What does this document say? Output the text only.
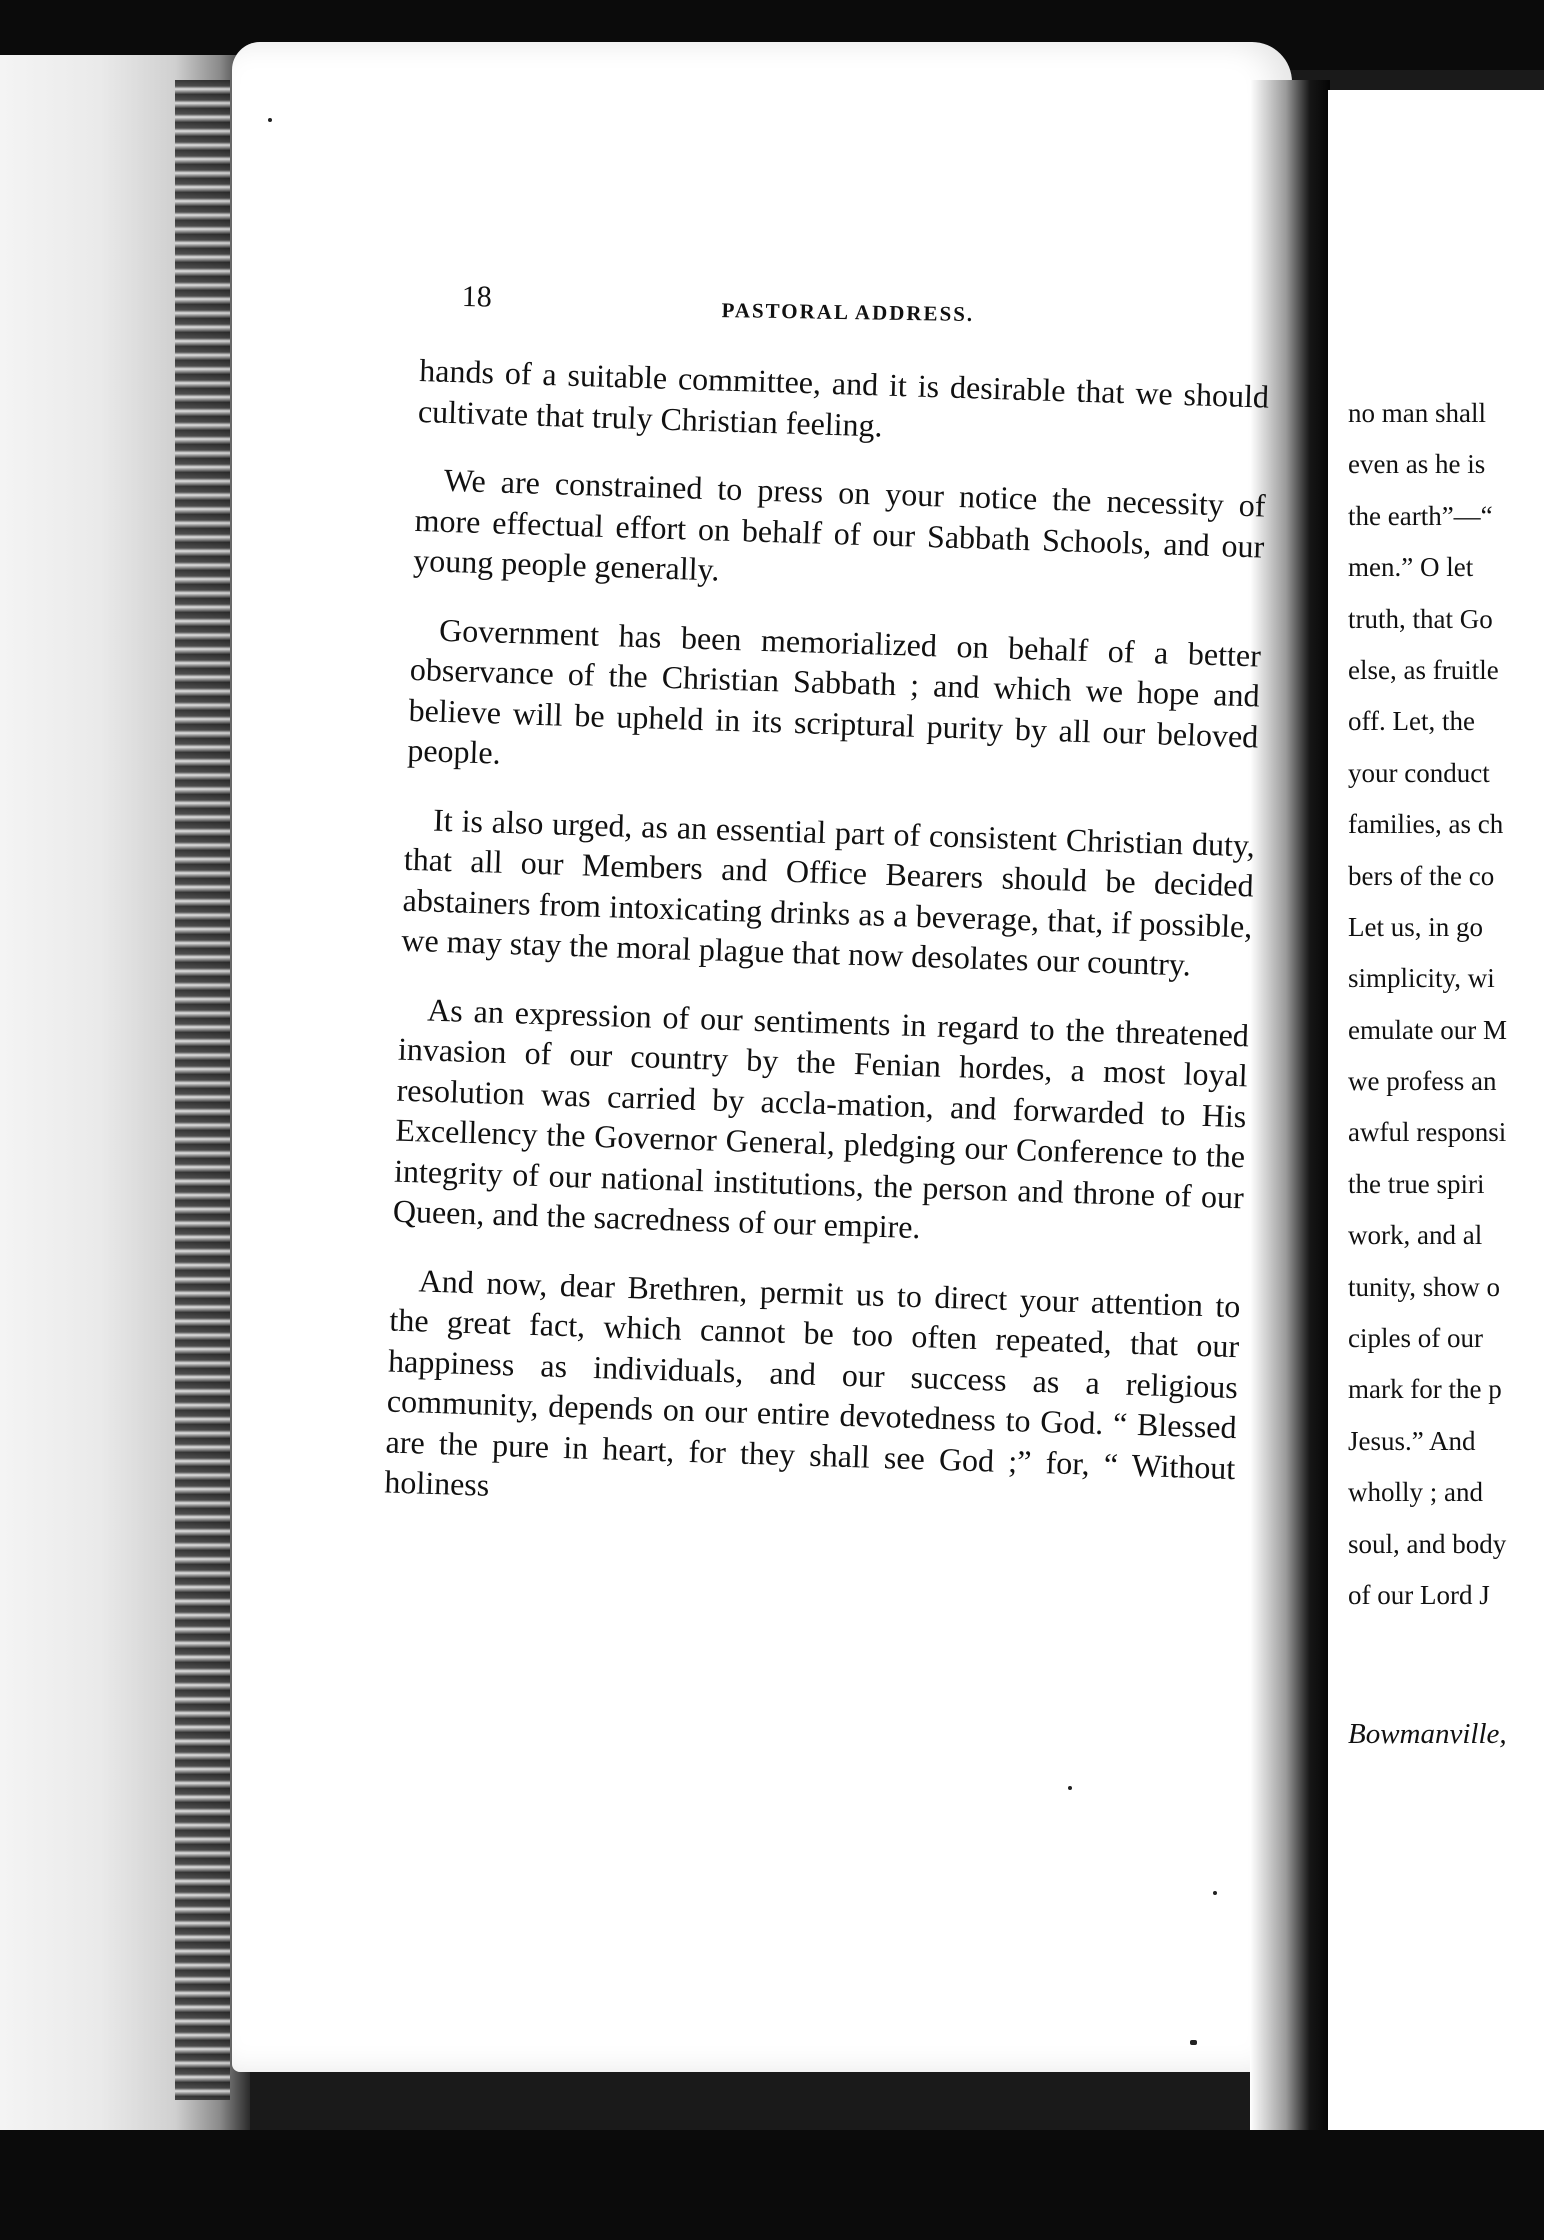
18	PASTORAL ADDRESS.

hands of a suitable committee, and it is desirable that we should cultivate that truly Christian feeling.

We are constrained to press on your notice the necessity of more effectual effort on behalf of our Sabbath Schools, and our young people generally.

Government has been memorialized on behalf of a better observance of the Christian Sabbath ; and which we hope and believe will be upheld in its scriptural purity by all our beloved people.

It is also urged, as an essential part of consistent Christian duty, that all our Members and Office Bearers should be decided abstainers from intoxicating drinks as a beverage, that, if possible, we may stay the moral plague that now desolates our country.

As an expression of our sentiments in regard to the threatened invasion of our country by the Fenian hordes, a most loyal resolution was carried by accla-mation, and forwarded to His Excellency the Governor General, pledging our Conference to the integrity of our national institutions, the person and throne of our Queen, and the sacredness of our empire.

And now, dear Brethren, permit us to direct your attention to the great fact, which cannot be too often repeated, that our happiness as individuals, and our success as a religious community, depends on our entire devotedness to God. “ Blessed are the pure in heart, for they shall see God ;” for, “ Without holiness

no man shall
even as he is
the earth”—“
men.” O let
truth, that Go
else, as fruitle
off. Let, the
your conduct
families, as ch
bers of the co
Let us, in go
simplicity, wi
emulate our M
we profess an
awful responsi
the true spiri
work, and al
tunity, show o
ciples of our
mark for the p
Jesus.” And
wholly ; and
soul, and body
of our Lord J
Bowmanville,
